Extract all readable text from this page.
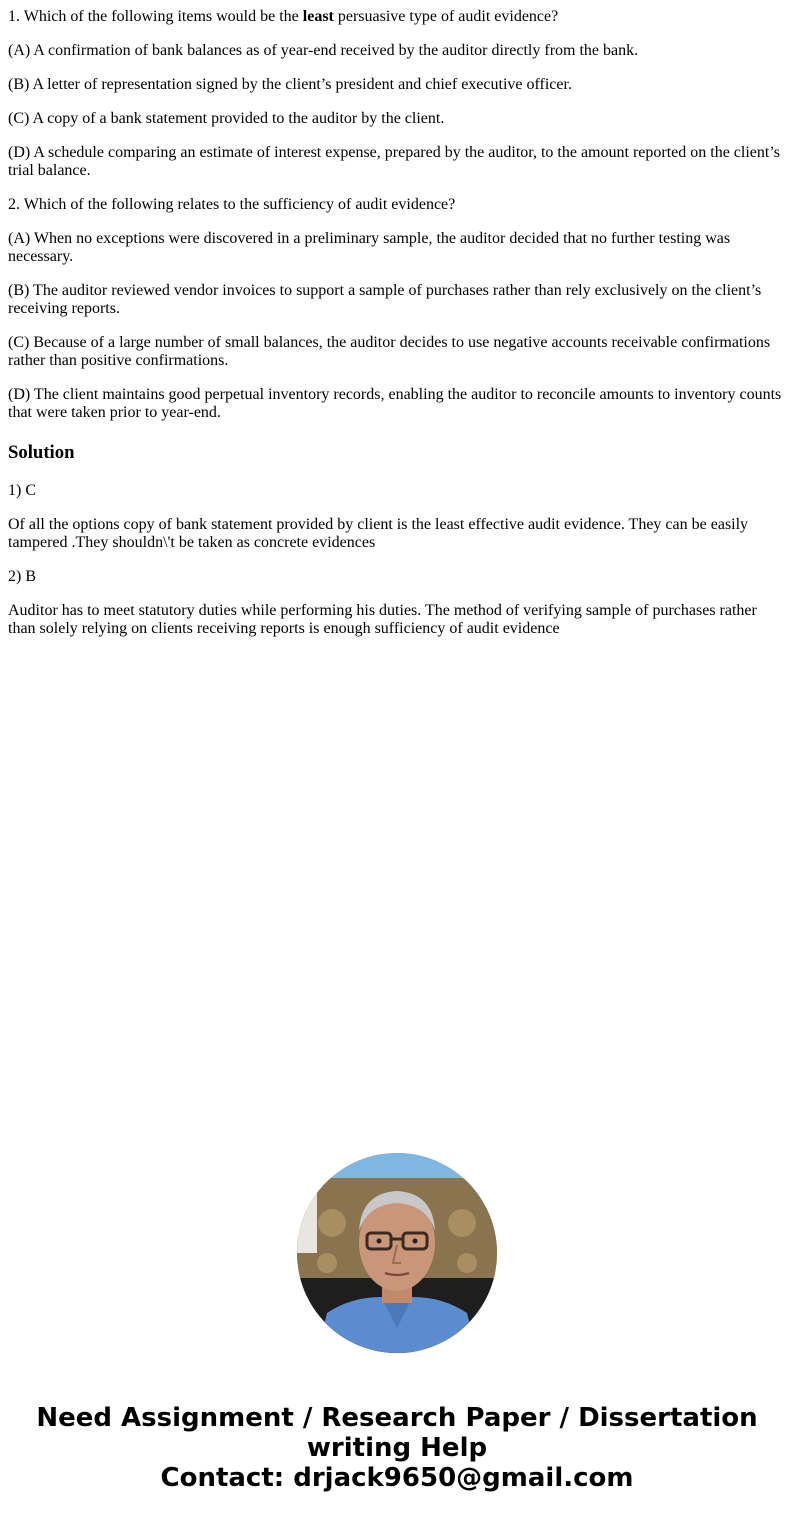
1. Which of the following items would be the least persuasive type of audit evidence?

(A) A confirmation of bank balances as of year-end received by the auditor directly from the bank.

(B) A letter of representation signed by the client’s president and chief executive officer.

(C) A copy of a bank statement provided to the auditor by the client.

(D) A schedule comparing an estimate of interest expense, prepared by the auditor, to the amount reported on the client’s trial balance.

2. Which of the following relates to the sufficiency of audit evidence?

(A) When no exceptions were discovered in a preliminary sample, the auditor decided that no further testing was necessary.

(B) The auditor reviewed vendor invoices to support a sample of purchases rather than rely exclusively on the client’s receiving reports.

(C) Because of a large number of small balances, the auditor decides to use negative accounts receivable confirmations rather than positive confirmations.

(D) The client maintains good perpetual inventory records, enabling the auditor to reconcile amounts to inventory counts that were taken prior to year-end.

Solution

1) C

Of all the options copy of bank statement provided by client is the least effective audit evidence. They can be easily tampered .They shouldn\'t be taken as concrete evidences

2) B

Auditor has to meet statutory duties while performing his duties. The method of verifying sample of purchases rather than solely relying on clients receiving reports is enough sufficiency of audit evidence

Need Assignment / Research Paper / Dissertation
writing Help
Contact: drjack9650@gmail.com
